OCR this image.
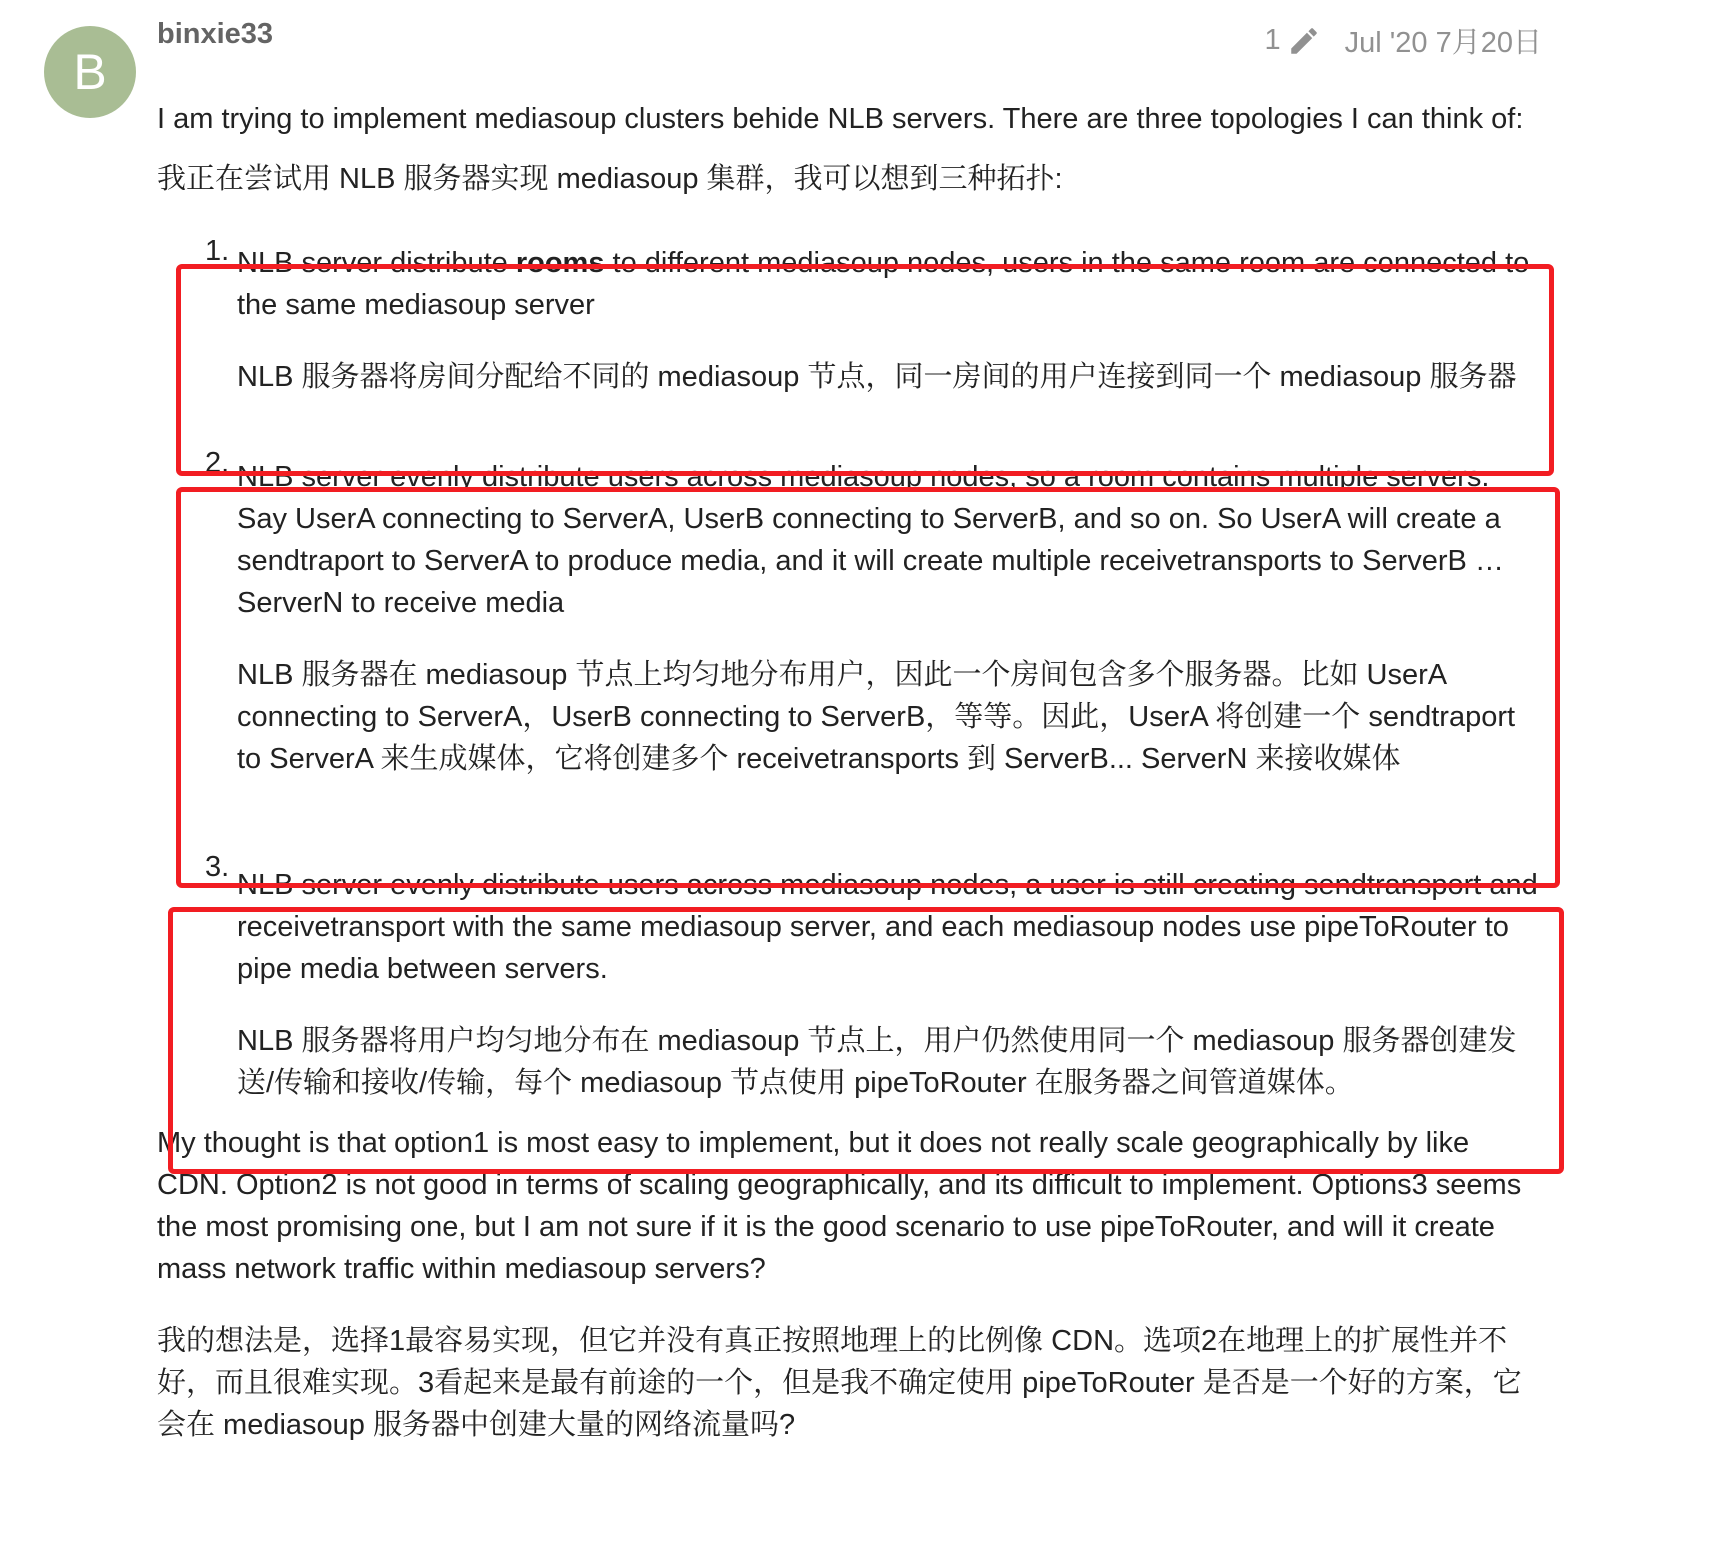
B
binxie33	1 Jul '20 7月20日

I am trying to implement mediasoup clusters behide NLB servers. There are three topologies I can think of:

我正在尝试用 NLB 服务器实现 mediasoup 集群，我可以想到三种拓扑:

1. NLB server distribute rooms to different mediasoup nodes, users in the same room are connected to the same mediasoup server

NLB 服务器将房间分配给不同的 mediasoup 节点，同一房间的用户连接到同一个 mediasoup 服务器

2. NLB server evenly distribute users across mediasoup nodes, so a room contains multiple servers. Say UserA connecting to ServerA, UserB connecting to ServerB, and so on. So UserA will create a sendtraport to ServerA to produce media, and it will create multiple receivetransports to ServerB … ServerN to receive media

NLB 服务器在 mediasoup 节点上均匀地分布用户，因此一个房间包含多个服务器。比如 UserA connecting to ServerA，UserB connecting to ServerB，等等。因此，UserA 将创建一个 sendtraport to ServerA 来生成媒体，它将创建多个 receivetransports 到 ServerB... ServerN 来接收媒体

3.

NLB server evenly distribute users across mediasoup nodes, a user is still creating sendtransport and receivetransport with the same mediasoup server, and each mediasoup nodes use pipeToRouter to pipe media between servers.

NLB 服务器将用户均匀地分布在 mediasoup 节点上，用户仍然使用同一个 mediasoup 服务器创建发送/传输和接收/传输，每个 mediasoup 节点使用 pipeToRouter 在服务器之间管道媒体。

My thought is that option1 is most easy to implement, but it does not really scale geographically by like CDN. Option2 is not good in terms of scaling geographically, and its difficult to implement. Options3 seems the most promising one, but I am not sure if it is the good scenario to use pipeToRouter, and will it create mass network traffic within mediasoup servers?

我的想法是，选择1最容易实现，但它并没有真正按照地理上的比例像 CDN。选项2在地理上的扩展性并不好，而且很难实现。3看起来是最有前途的一个，但是我不确定使用 pipeToRouter 是否是一个好的方案，它会在 mediasoup 服务器中创建大量的网络流量吗?
